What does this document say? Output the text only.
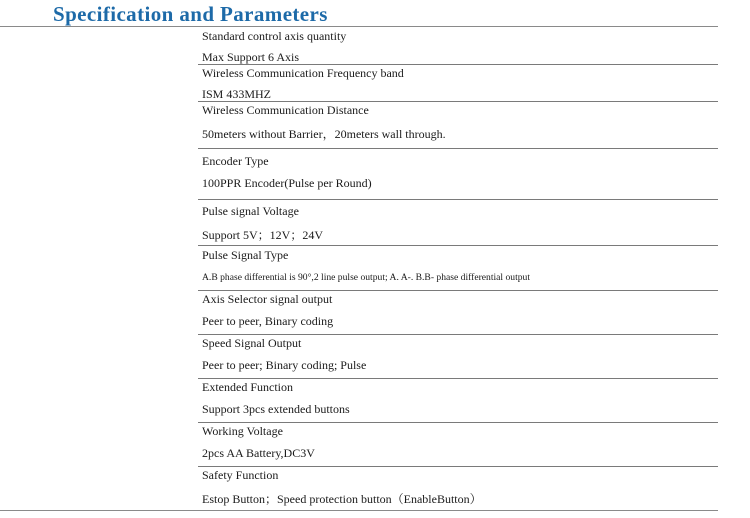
Specification and Parameters
Standard control axis quantity
Max Support 6 Axis
Wireless Communication Frequency band
ISM 433MHZ
Wireless Communication Distance
50meters without Barrier，20meters wall through.
Encoder Type
100PPR Encoder(Pulse per Round)
Pulse signal Voltage
Support 5V；12V；24V
Pulse Signal Type
A.B phase differential is 90°,2 line pulse output; A. A-. B.B- phase differential output
Axis Selector signal output
Peer to peer, Binary coding
Speed Signal Output
Peer to peer; Binary coding; Pulse
Extended Function
Support 3pcs extended buttons
Working Voltage
2pcs AA Battery,DC3V
Safety Function
Estop Button；Speed protection button（EnableButton）
